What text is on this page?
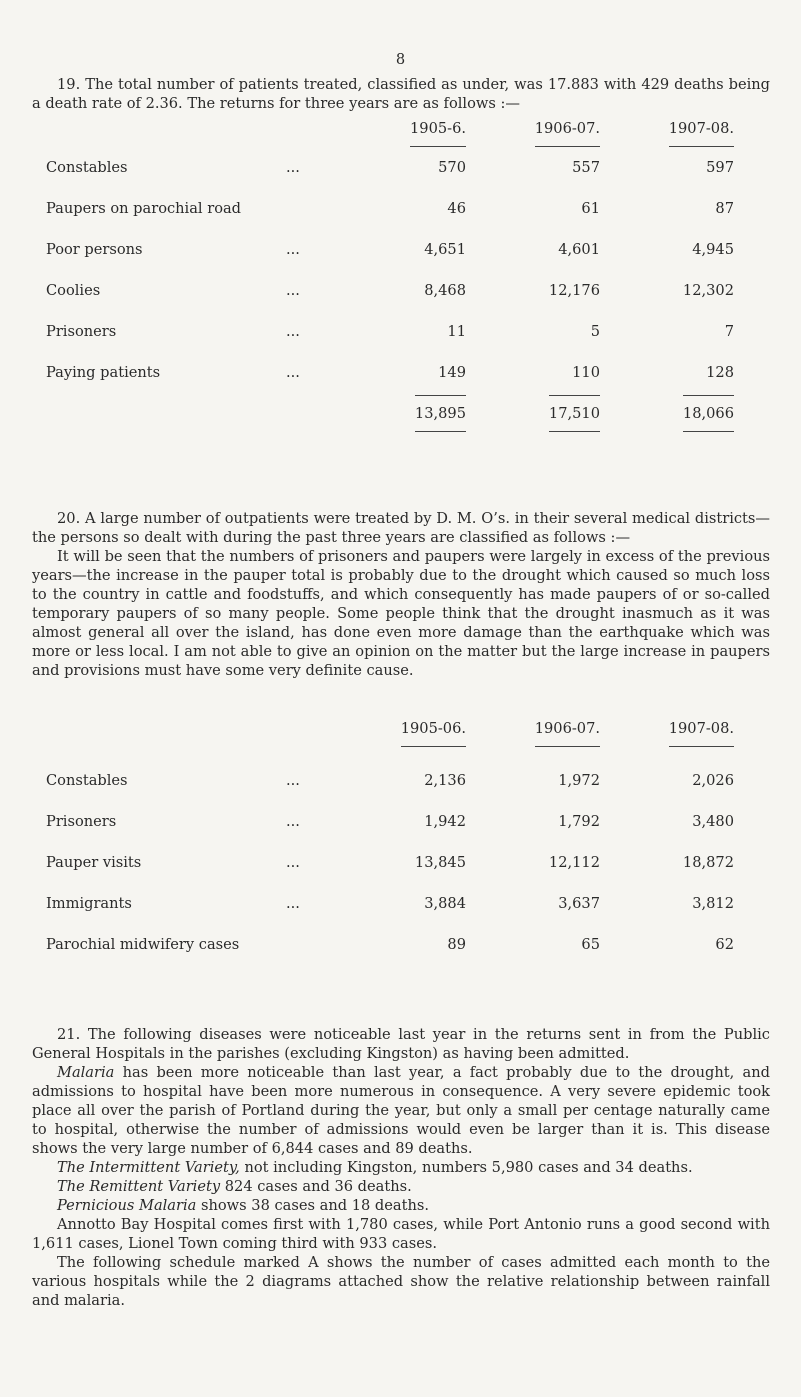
8

19. The total number of patients treated, classified as under, was 17.883 with 429 deaths being a death rate of 2.36. The returns for three years are as follows :—

		1905-6.	1906-07.	1907-08.
Constables	...	570	557	597
Paupers on parochial road		46	61	87
Poor persons	...	4,651	4,601	4,945
Coolies	...	8,468	12,176	12,302
Prisoners	...	11	5	7
Paying patients	...	149	110	128
		13,895	17,510	18,066

20. A large number of outpatients were treated by D. M. O’s. in their several medical districts—the persons so dealt with during the past three years are classified as follows :—

It will be seen that the numbers of prisoners and paupers were largely in excess of the previous years—the increase in the pauper total is probably due to the drought which caused so much loss to the country in cattle and foodstuffs, and which consequently has made paupers of or so-called temporary paupers of so many people. Some people think that the drought inasmuch as it was almost general all over the island, has done even more damage than the earthquake which was more or less local. I am not able to give an opinion on the matter but the large increase in paupers and provisions must have some very definite cause.

		1905-06.	1906-07.	1907-08.
Constables	...	2,136	1,972	2,026
Prisoners	...	1,942	1,792	3,480
Pauper visits	...	13,845	12,112	18,872
Immigrants	...	3,884	3,637	3,812
Parochial midwifery cases		89	65	62

21. The following diseases were noticeable last year in the returns sent in from the Public General Hospitals in the parishes (excluding Kingston) as having been admitted.

Malaria has been more noticeable than last year, a fact probably due to the drought, and admissions to hospital have been more numerous in consequence. A very severe epidemic took place all over the parish of Portland during the year, but only a small per centage naturally came to hospital, otherwise the number of admissions would even be larger than it is. This disease shows the very large number of 6,844 cases and 89 deaths.

The Intermittent Variety, not including Kingston, numbers 5,980 cases and 34 deaths.

The Remittent Variety 824 cases and 36 deaths.

Pernicious Malaria shows 38 cases and 18 deaths.

Annotto Bay Hospital comes first with 1,780 cases, while Port Antonio runs a good second with 1,611 cases, Lionel Town coming third with 933 cases.

The following schedule marked A shows the number of cases admitted each month to the various hospitals while the 2 diagrams attached show the relative relationship between rainfall and malaria.
